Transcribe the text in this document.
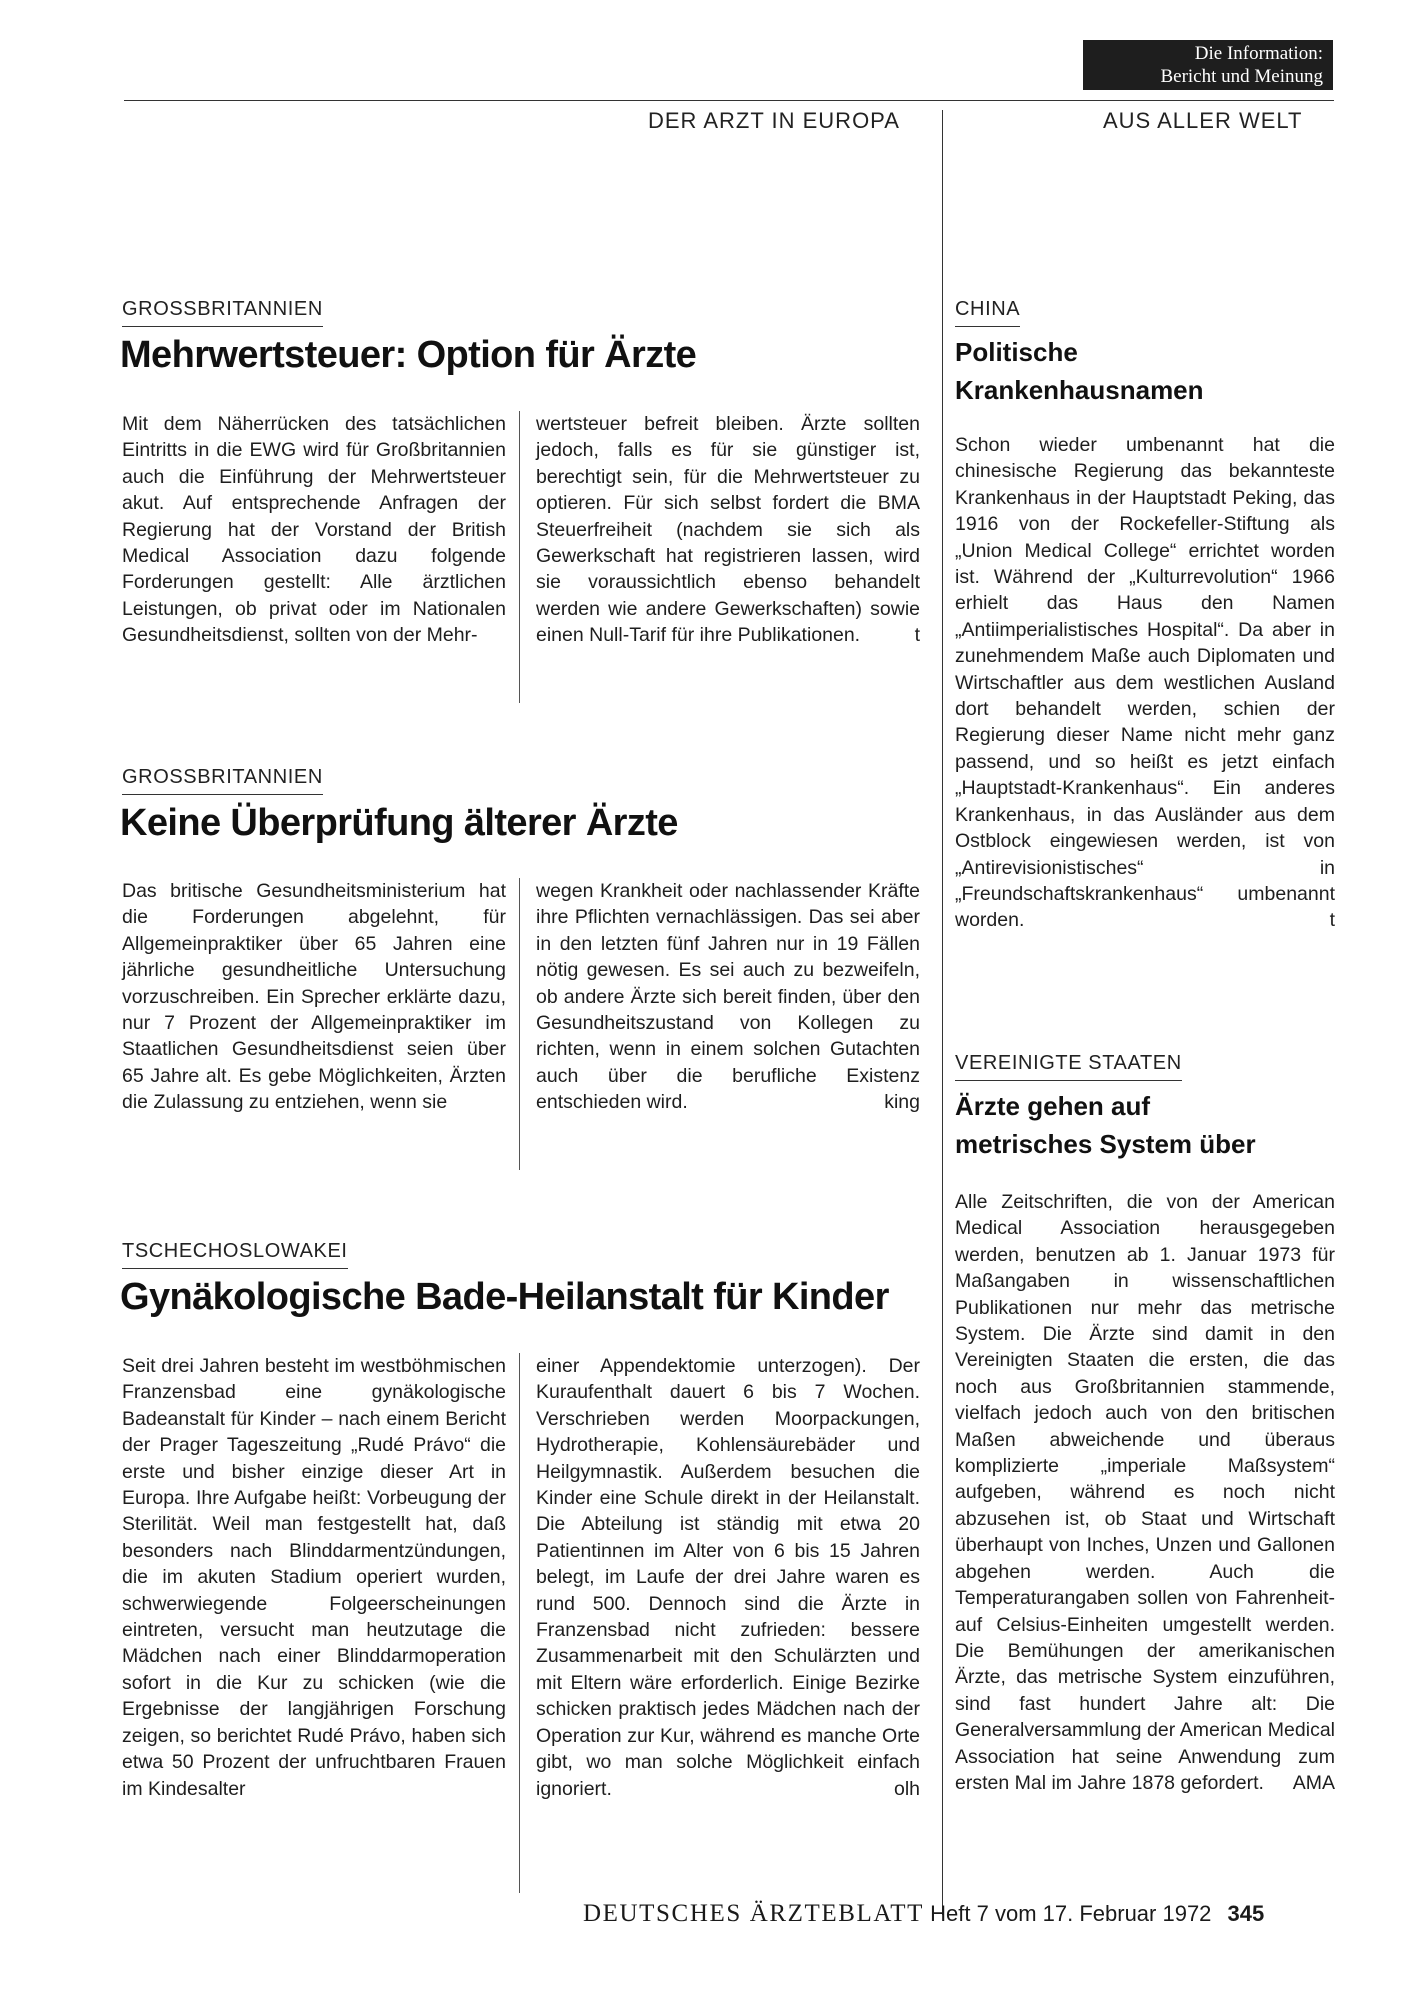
Die Information:
Bericht und Meinung
DER ARZT IN EUROPA	AUS ALLER WELT
GROSSBRITANNIEN
Mehrwertsteuer: Option für Ärzte

Mit dem Näherrücken des tatsächlichen Eintritts in die EWG wird für Großbritannien auch die Einführung der Mehrwertsteuer akut. Auf entsprechende Anfragen der Regierung hat der Vorstand der British Medical Association dazu folgende Forderungen gestellt: Alle ärztlichen Leistungen, ob privat oder im Nationalen Gesundheitsdienst, sollten von der Mehr-

wertsteuer befreit bleiben. Ärzte sollten jedoch, falls es für sie günstiger ist, berechtigt sein, für die Mehrwertsteuer zu optieren. Für sich selbst fordert die BMA Steuerfreiheit (nachdem sie sich als Gewerkschaft hat registrieren lassen, wird sie voraussichtlich ebenso behandelt werden wie andere Gewerkschaften) sowie einen Null-Tarif für ihre Publikationen.	t

GROSSBRITANNIEN
Keine Überprüfung älterer Ärzte

Das britische Gesundheitsministerium hat die Forderungen abgelehnt, für Allgemeinpraktiker über 65 Jahren eine jährliche gesundheitliche Untersuchung vorzuschreiben. Ein Sprecher erklärte dazu, nur 7 Prozent der Allgemeinpraktiker im Staatlichen Gesundheitsdienst seien über 65 Jahre alt. Es gebe Möglichkeiten, Ärzten die Zulassung zu entziehen, wenn sie

wegen Krankheit oder nachlassender Kräfte ihre Pflichten vernachlässigen. Das sei aber in den letzten fünf Jahren nur in 19 Fällen nötig gewesen. Es sei auch zu bezweifeln, ob andere Ärzte sich bereit finden, über den Gesundheitszustand von Kollegen zu richten, wenn in einem solchen Gutachten auch über die berufliche Existenz entschieden wird.	king

TSCHECHOSLOWAKEI
Gynäkologische Bade-Heilanstalt für Kinder

Seit drei Jahren besteht im westböhmischen Franzensbad eine gynäkologische Badeanstalt für Kinder – nach einem Bericht der Prager Tageszeitung „Rudé Právo“ die erste und bisher einzige dieser Art in Europa. Ihre Aufgabe heißt: Vorbeugung der Sterilität. Weil man festgestellt hat, daß besonders nach Blinddarmentzündungen, die im akuten Stadium operiert wurden, schwerwiegende Folgeerscheinungen eintreten, versucht man heutzutage die Mädchen nach einer Blinddarmoperation sofort in die Kur zu schicken (wie die Ergebnisse der langjährigen Forschung zeigen, so berichtet Rudé Právo, haben sich etwa 50 Prozent der unfruchtbaren Frauen im Kindesalter

einer Appendektomie unterzogen). Der Kuraufenthalt dauert 6 bis 7 Wochen. Verschrieben werden Moorpackungen, Hydrotherapie, Kohlensäurebäder und Heilgymnastik. Außerdem besuchen die Kinder eine Schule direkt in der Heilanstalt. Die Abteilung ist ständig mit etwa 20 Patientinnen im Alter von 6 bis 15 Jahren belegt, im Laufe der drei Jahre waren es rund 500. Dennoch sind die Ärzte in Franzensbad nicht zufrieden: bessere Zusammenarbeit mit den Schulärzten und mit Eltern wäre erforderlich. Einige Bezirke schicken praktisch jedes Mädchen nach der Operation zur Kur, während es manche Orte gibt, wo man solche Möglichkeit einfach ignoriert.	olh

CHINA
Politische
Krankenhausnamen

Schon wieder umbenannt hat die chinesische Regierung das bekannteste Krankenhaus in der Hauptstadt Peking, das 1916 von der Rockefeller-Stiftung als „Union Medical College“ errichtet worden ist. Während der „Kulturrevolution“ 1966 erhielt das Haus den Namen „Antiimperialistisches Hospital“. Da aber in zunehmendem Maße auch Diplomaten und Wirtschaftler aus dem westlichen Ausland dort behandelt werden, schien der Regierung dieser Name nicht mehr ganz passend, und so heißt es jetzt einfach „Hauptstadt-Krankenhaus“. Ein anderes Krankenhaus, in das Ausländer aus dem Ostblock eingewiesen werden, ist von „Antirevisionistisches“ in „Freundschaftskrankenhaus“ umbenannt worden.	t

VEREINIGTE STAATEN
Ärzte gehen auf
metrisches System über

Alle Zeitschriften, die von der American Medical Association herausgegeben werden, benutzen ab 1. Januar 1973 für Maßangaben in wissenschaftlichen Publikationen nur mehr das metrische System. Die Ärzte sind damit in den Vereinigten Staaten die ersten, die das noch aus Großbritannien stammende, vielfach jedoch auch von den britischen Maßen abweichende und überaus komplizierte „imperiale Maßsystem“ aufgeben, während es noch nicht abzusehen ist, ob Staat und Wirtschaft überhaupt von Inches, Unzen und Gallonen abgehen werden. Auch die Temperaturangaben sollen von Fahrenheit- auf Celsius-Einheiten umgestellt werden. Die Bemühungen der amerikanischen Ärzte, das metrische System einzuführen, sind fast hundert Jahre alt: Die Generalversammlung der American Medical Association hat seine Anwendung zum ersten Mal im Jahre 1878 gefordert. AMA

DEUTSCHES ÄRZTEBLATT Heft 7 vom 17. Februar 1972 345
